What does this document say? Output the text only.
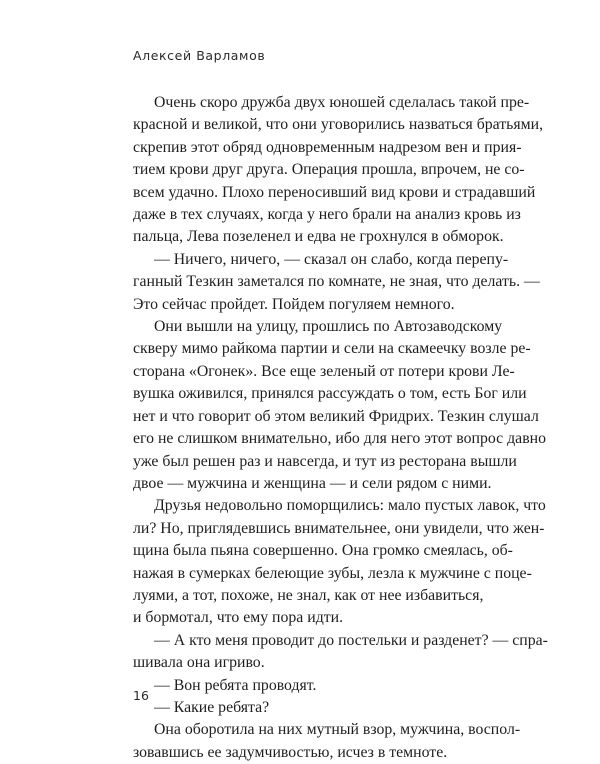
Алексей Варламов
Очень скоро дружба двух юношей сделалась такой пре-
красной и великой, что они уговорились назваться братьями,
скрепив этот обряд одновременным надрезом вен и прия-
тием крови друг друга. Операция прошла, впрочем, не со-
всем удачно. Плохо переносивший вид крови и страдавший
даже в тех случаях, когда у него брали на анализ кровь из
пальца, Лева позеленел и едва не грохнулся в обморок.
— Ничего, ничего, — сказал он слабо, когда перепу-
ганный Тезкин заметался по комнате, не зная, что делать. —
Это сейчас пройдет. Пойдем погуляем немного.
Они вышли на улицу, прошлись по Автозаводскому
скверу мимо райкома партии и сели на скамеечку возле ре-
сторана «Огонек». Все еще зеленый от потери крови Ле-
вушка оживился, принялся рассуждать о том, есть Бог или
нет и что говорит об этом великий Фридрих. Тезкин слушал
его не слишком внимательно, ибо для него этот вопрос давно
уже был решен раз и навсегда, и тут из ресторана вышли
двое — мужчина и женщина — и сели рядом с ними.
Друзья недовольно поморщились: мало пустых лавок, что
ли? Но, приглядевшись внимательнее, они увидели, что жен-
щина была пьяна совершенно. Она громко смеялась, об-
нажая в сумерках белеющие зубы, лезла к мужчине с поце-
луями, а тот, похоже, не знал, как от нее избавиться,
и бормотал, что ему пора идти.
— А кто меня проводит до постельки и разденет? — спра-
шивала она игриво.
— Вон ребята проводят.
— Какие ребята?
Она оборотила на них мутный взор, мужчина, воспол-
зовавшись ее задумчивостью, исчез в темноте.
16
